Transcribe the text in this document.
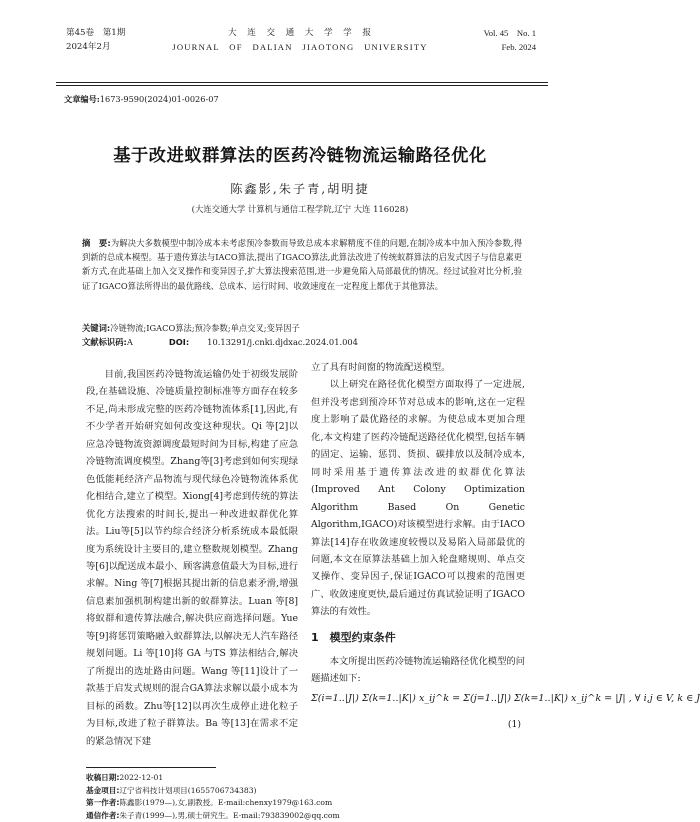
第45卷　第1期
2024年2月
大　连　交　通　大　学　学　报
JOURNAL　OF　DALIAN　JIAOTONG　UNIVERSITY
Vol. 45　No. 1
Feb. 2024
文章编号:1673-9590(2024)01-0026-07
基于改进蚁群算法的医药冷链物流运输路径优化
陈鑫影,朱子青,胡明捷
(大连交通大学 计算机与通信工程学院,辽宁 大连 116028)
摘　要:为解决大多数模型中制冷成本未考虑预冷参数而导致总成本求解精度不佳的问题,在制冷成本中加入预冷参数,得到新的总成本模型。基于遗传算法与IACO算法,提出了IGACO算法,此算法改进了传统蚁群算法的启发式因子与信息素更新方式,在此基础上加入交叉操作和变异因子,扩大算法搜索范围,进一步避免陷入局部最优的情况。经过试验对比分析,验证了IGACO算法所得出的最优路线、总成本、运行时间、收敛速度在一定程度上都优于其他算法。
关键词:冷链物流;IGACO算法;预冷参数;单点交叉;变异因子
文献标识码:A	DOI: 10.13291/j.cnki.djdxac.2024.01.004

目前,我国医药冷链物流运输仍处于初级发展阶段,在基础设施、冷链质量控制标准等方面存在较多不足,尚未形成完整的医药冷链物流体系[1],因此,有不少学者开始研究如何改变这种现状。Qi 等[2]以应急冷链物流资源调度最短时间为目标,构建了应急冷链物流调度模型。Zhang等[3]考虑到如何实现绿色低能耗经济产品物流与现代绿色冷链物流体系优化相结合,建立了模型。Xiong[4]考虑到传统的算法优化方法搜索的时间长,提出一种改进蚁群优化算法。Liu等[5]以节约综合经济分析系统成本最低限度为系统设计主要目的,建立整数规划模型。Zhang等[6]以配送成本最小、顾客满意值最大为目标,进行求解。Ning 等[7]根据其提出新的信息素矛滑,增强信息素加强机制构建出新的蚁群算法。Luan 等[8]将蚁群和遗传算法融合,解决供应商选择问题。Yue 等[9]将惩罚策略融入蚁群算法,以解决无人汽车路径规划问题。Li 等[10]将 GA 与TS 算法相结合,解决了所提出的选址路由问题。Wang 等[11]设计了一款基于启发式规则的混合GA算法求解以最小成本为目标的函数。Zhu等[12]以再次生成停止进化粒子为目标,改进了粒子群算法。Ba 等[13]在需求不定的紧急情况下建

立了具有时间窗的物流配送模型。

以上研究在路径优化模型方面取得了一定进展,但并没考虑到预冷环节对总成本的影响,这在一定程度上影响了最优路径的求解。为使总成本更加合理化,本文构建了医药冷链配送路径优化模型,包括车辆的固定、运输、惩罚、货损、碳排放以及制冷成本,同时采用基于遗传算法改进的蚁群优化算法(Improved Ant Colony Optimization Algorithm Based On Genetic Algorithm,IGACO)对该模型进行求解。由于IACO算法[14]存在收敛速度较慢以及易陷入局部最优的问题,本文在原算法基础上加入轮盘赌规则、单点交叉操作、变异因子,保证IGACO可以搜索的范围更广、收敛速度更快,最后通过仿真试验证明了IGACO算法的有效性。

1　模型约束条件

本文所提出医药冷链物流运输路径优化模型的问题描述如下:

Σ(i=1..|J|) Σ(k=1..|K|) x_ij^k = Σ(j=1..|J|) Σ(k=1..|K|) x_ij^k = |J| , ∀ i,j ∈ V, k ∈ J
(1)
收稿日期:2022-12-01
基金项目:辽宁省科技计划项目(1655706734383)
第一作者:陈鑫影(1979—),女,副教授。E-mail:chenxy1979@163.com
通信作者:朱子青(1999—),男,硕士研究生。E-mail:793839002@qq.com
